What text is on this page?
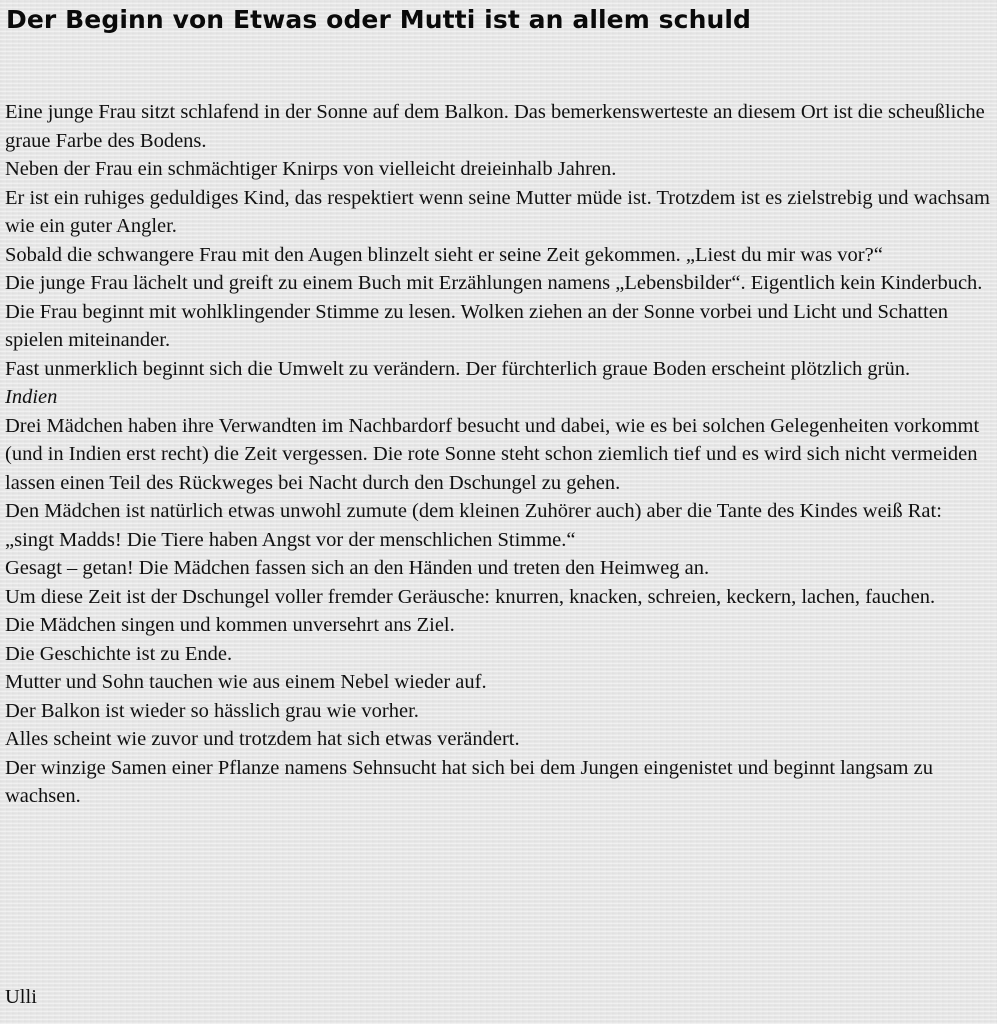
Der Beginn von Etwas oder Mutti ist an allem schuld

Eine junge Frau sitzt schlafend in der Sonne auf dem Balkon. Das bemerkenswerteste an diesem Ort ist die scheußliche graue Farbe des Bodens.

Neben der Frau ein schmächtiger Knirps von vielleicht dreieinhalb Jahren.

Er ist ein ruhiges geduldiges Kind, das respektiert wenn seine Mutter müde ist. Trotzdem ist es zielstrebig und wachsam wie ein guter Angler.

Sobald die schwangere Frau mit den Augen blinzelt sieht er seine Zeit gekommen. „Liest du mir was vor?“

Die junge Frau lächelt und greift zu einem Buch mit Erzählungen namens „Lebensbilder“. Eigentlich kein Kinderbuch.

Die Frau beginnt mit wohlklingender Stimme zu lesen. Wolken ziehen an der Sonne vorbei und Licht und Schatten spielen miteinander.

Fast unmerklich beginnt sich die Umwelt zu verändern. Der fürchterlich graue Boden erscheint plötzlich grün.

Indien

Drei Mädchen haben ihre Verwandten im Nachbardorf besucht und dabei, wie es bei solchen Gelegenheiten vorkommt (und in Indien erst recht) die Zeit vergessen. Die rote Sonne steht schon ziemlich tief und es wird sich nicht vermeiden lassen einen Teil des Rückweges bei Nacht durch den Dschungel zu gehen.

Den Mädchen ist natürlich etwas unwohl zumute (dem kleinen Zuhörer auch) aber die Tante des Kindes weiß Rat: „singt Madds! Die Tiere haben Angst vor der menschlichen Stimme.“

Gesagt – getan! Die Mädchen fassen sich an den Händen und treten den Heimweg an.

Um diese Zeit ist der Dschungel voller fremder Geräusche: knurren, knacken, schreien, keckern, lachen, fauchen.

Die Mädchen singen und kommen unversehrt ans Ziel.

Die Geschichte ist zu Ende.

Mutter und Sohn tauchen wie aus einem Nebel wieder auf.

Der Balkon ist wieder so hässlich grau wie vorher.

Alles scheint wie zuvor und trotzdem hat sich etwas verändert.

Der winzige Samen einer Pflanze namens Sehnsucht hat sich bei dem Jungen eingenistet und beginnt langsam zu wachsen.

Ulli
